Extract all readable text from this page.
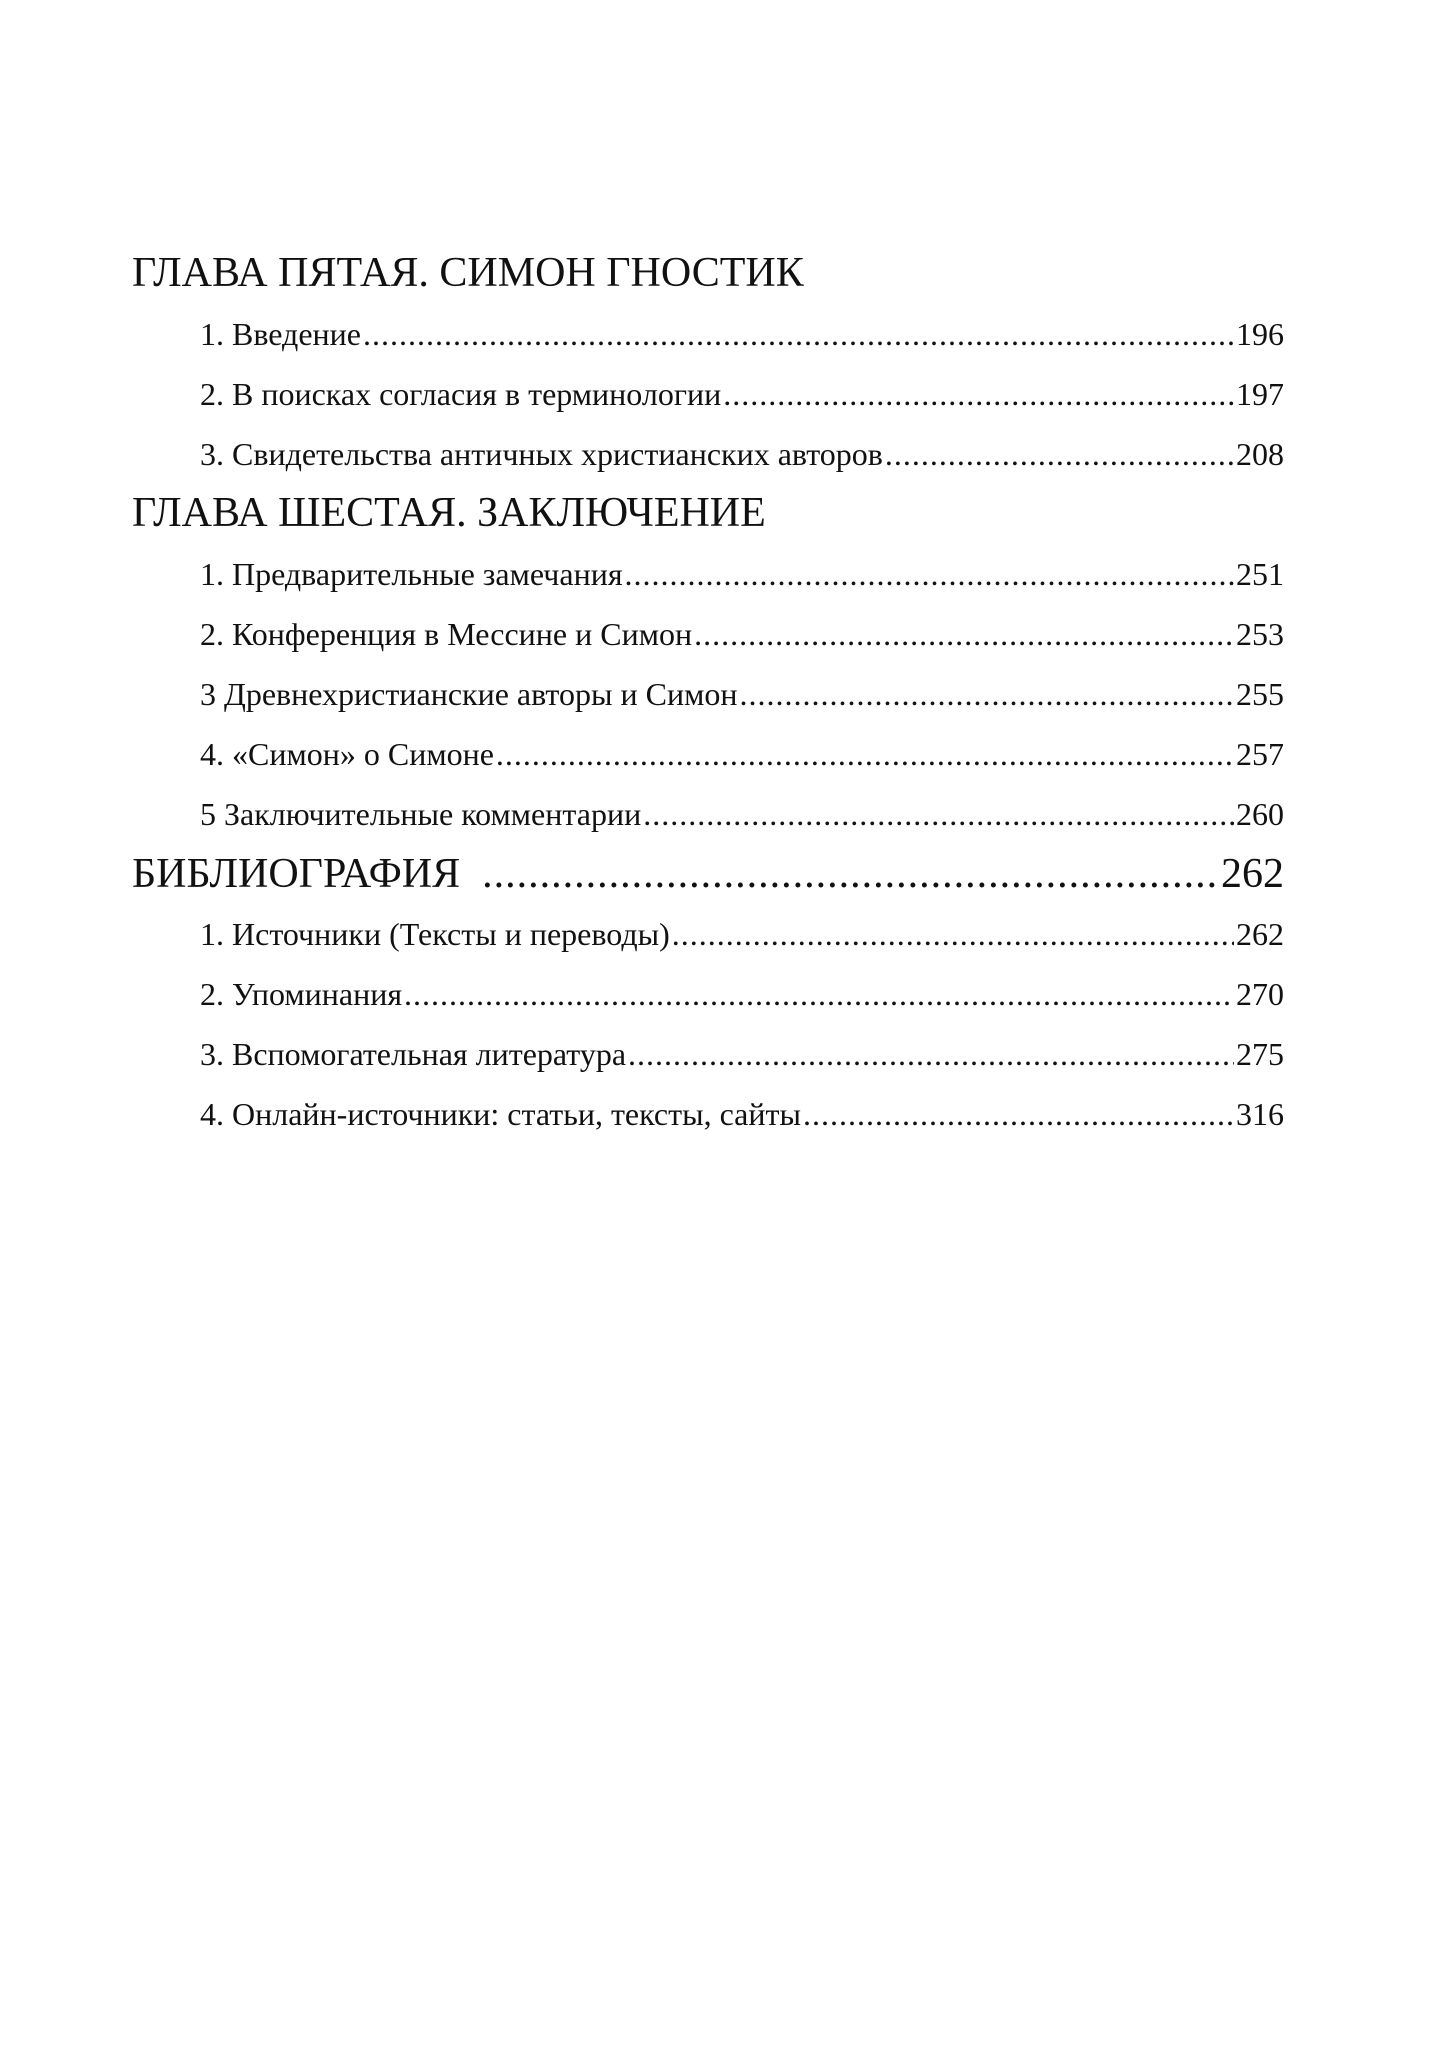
ГЛАВА ПЯТАЯ. СИМОН ГНОСТИК
1. Введение .....	196
2. В поисках согласия в терминологии .....	197
3. Свидетельства античных христианских авторов .....	208
ГЛАВА ШЕСТАЯ. ЗАКЛЮЧЕНИЕ
1. Предварительные замечания .....	251
2. Конференция в Мессине и Симон .....	253
3 Древнехристианские авторы и Симон .....	255
4. «Симон» о Симоне .....	257
5 Заключительные комментарии .....	260
БИБЛИОГРАФИЯ .....	262
1. Источники (Тексты и переводы) .....	262
2. Упоминания .....	270
3. Вспомогательная литература .....	275
4. Онлайн-источники: статьи, тексты, сайты .....	316
